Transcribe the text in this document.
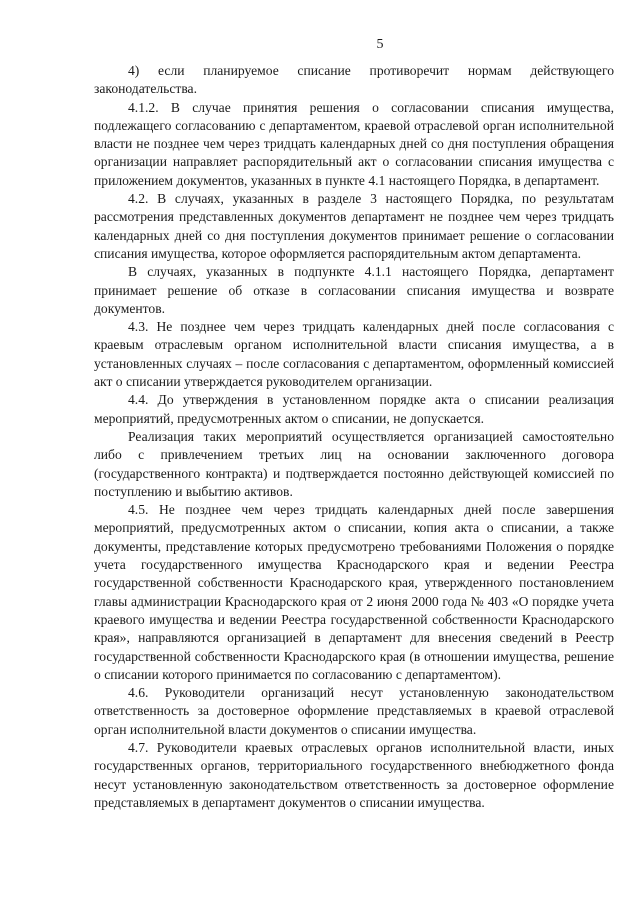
5

4) если планируемое списание противоречит нормам действующего законодательства.

4.1.2. В случае принятия решения о согласовании списания имущества, подлежащего согласованию с департаментом, краевой отраслевой орган исполнительной власти не позднее чем через тридцать календарных дней со дня поступления обращения организации направляет распорядительный акт о согласовании списания имущества с приложением документов, указанных в пункте 4.1 настоящего Порядка, в департамент.

4.2. В случаях, указанных в разделе 3 настоящего Порядка, по результатам рассмотрения представленных документов департамент не позднее чем через тридцать календарных дней со дня поступления документов принимает решение о согласовании списания имущества, которое оформляется распорядительным актом департамента.

В случаях, указанных в подпункте 4.1.1 настоящего Порядка, департамент принимает решение об отказе в согласовании списания имущества и возврате документов.

4.3. Не позднее чем через тридцать календарных дней после согласования с краевым отраслевым органом исполнительной власти списания имущества, а в установленных случаях – после согласования с департаментом, оформленный комиссией акт о списании утверждается руководителем организации.

4.4. До утверждения в установленном порядке акта о списании реализация мероприятий, предусмотренных актом о списании, не допускается.

Реализация таких мероприятий осуществляется организацией самостоятельно либо с привлечением третьих лиц на основании заключенного договора (государственного контракта) и подтверждается постоянно действующей комиссией по поступлению и выбытию активов.

4.5. Не позднее чем через тридцать календарных дней после завершения мероприятий, предусмотренных актом о списании, копия акта о списании, а также документы, представление которых предусмотрено требованиями Положения о порядке учета государственного имущества Краснодарского края и ведении Реестра государственной собственности Краснодарского края, утвержденного постановлением главы администрации Краснодарского края от 2 июня 2000 года № 403 «О порядке учета краевого имущества и ведении Реестра государственной собственности Краснодарского края», направляются организацией в департамент для внесения сведений в Реестр государственной собственности Краснодарского края (в отношении имущества, решение о списании которого принимается по согласованию с департаментом).

4.6. Руководители организаций несут установленную законодательством ответственность за достоверное оформление представляемых в краевой отраслевой орган исполнительной власти документов о списании имущества.

4.7. Руководители краевых отраслевых органов исполнительной власти, иных государственных органов, территориального государственного внебюджетного фонда несут установленную законодательством ответственность за достоверное оформление представляемых в департамент документов о списании имущества.
